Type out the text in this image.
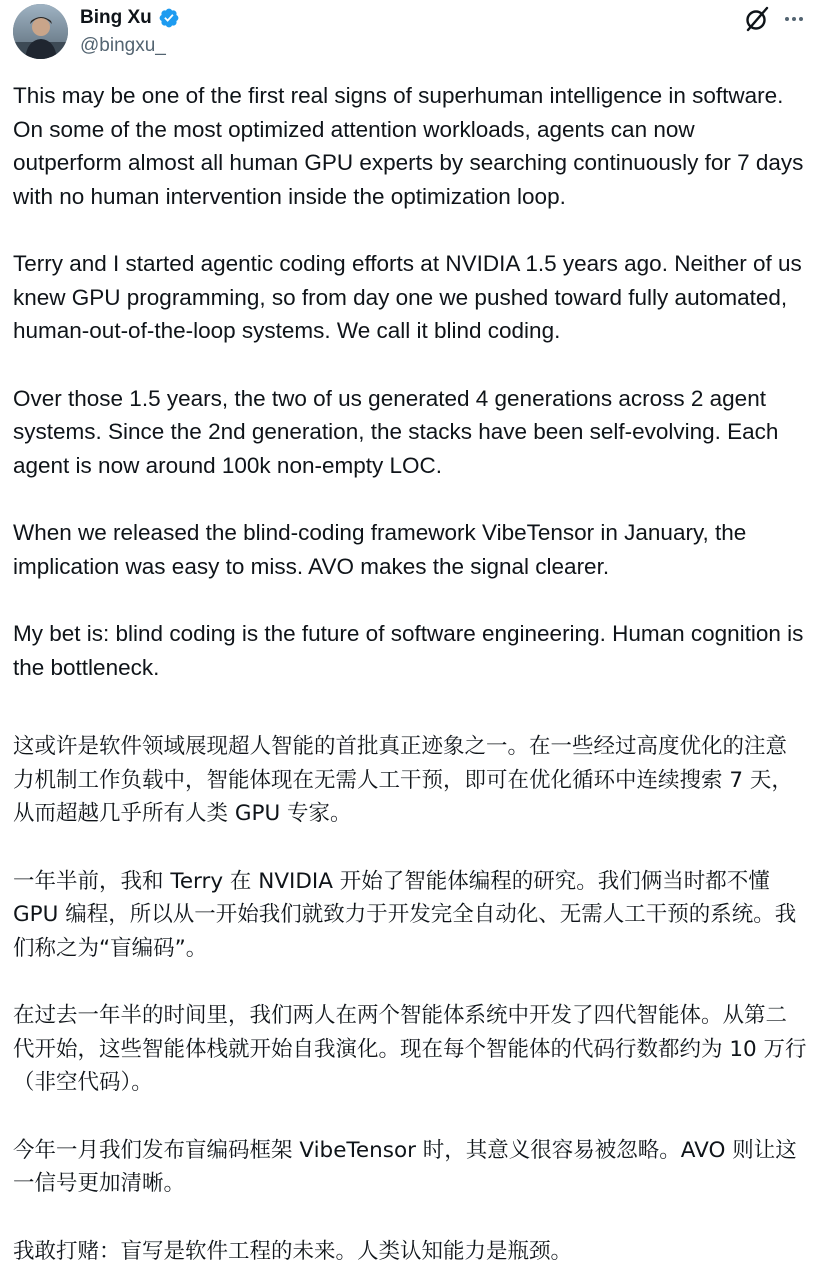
Bing Xu
@bingxu_

This may be one of the first real signs of superhuman intelligence in software. On some of the most optimized attention workloads, agents can now outperform almost all human GPU experts by searching continuously for 7 days with no human intervention inside the optimization loop.

Terry and I started agentic coding efforts at NVIDIA 1.5 years ago. Neither of us knew GPU programming, so from day one we pushed toward fully automated, human-out-of-the-loop systems. We call it blind coding.

Over those 1.5 years, the two of us generated 4 generations across 2 agent systems. Since the 2nd generation, the stacks have been self-evolving. Each agent is now around 100k non-empty LOC.

When we released the blind-coding framework VibeTensor in January, the implication was easy to miss. AVO makes the signal clearer.

My bet is: blind coding is the future of software engineering. Human cognition is the bottleneck.

这或许是软件领域展现超人智能的首批真正迹象之一。在一些经过高度优化的注意力机制工作负载中，智能体现在无需人工干预，即可在优化循环中连续搜索 7 天，从而超越几乎所有人类 GPU 专家。

一年半前，我和 Terry 在 NVIDIA 开始了智能体编程的研究。我们俩当时都不懂 GPU 编程，所以从一开始我们就致力于开发完全自动化、无需人工干预的系统。我们称之为“盲编码”。

在过去一年半的时间里，我们两人在两个智能体系统中开发了四代智能体。从第二代开始，这些智能体栈就开始自我演化。现在每个智能体的代码行数都约为 10 万行（非空代码）。

今年一月我们发布盲编码框架 VibeTensor 时，其意义很容易被忽略。AVO 则让这一信号更加清晰。

我敢打赌：盲写是软件工程的未来。人类认知能力是瓶颈。
